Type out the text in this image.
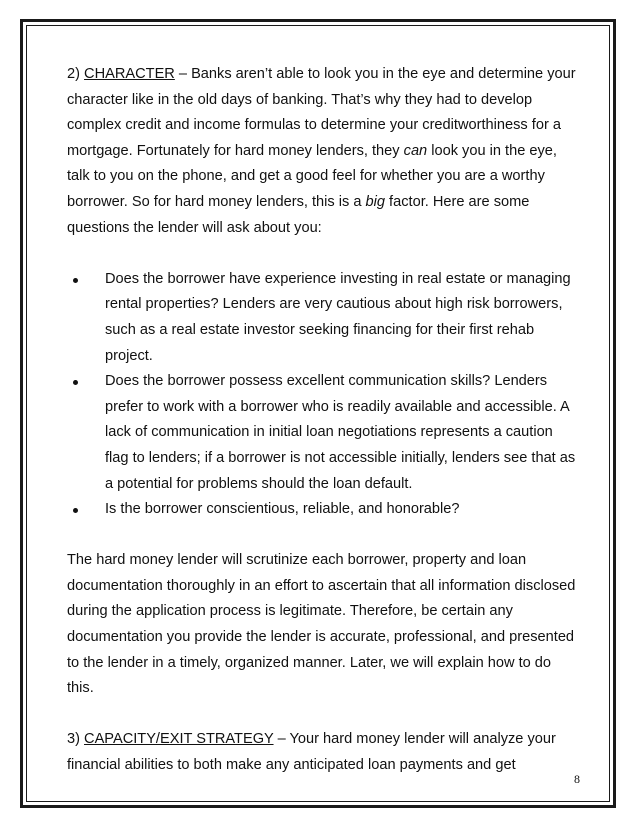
2) CHARACTER – Banks aren’t able to look you in the eye and determine your character like in the old days of banking. That’s why they had to develop complex credit and income formulas to determine your creditworthiness for a mortgage. Fortunately for hard money lenders, they can look you in the eye, talk to you on the phone, and get a good feel for whether you are a worthy borrower. So for hard money lenders, this is a big factor. Here are some questions the lender will ask about you:

Does the borrower have experience investing in real estate or managing rental properties? Lenders are very cautious about high risk borrowers, such as a real estate investor seeking financing for their first rehab project.
Does the borrower possess excellent communication skills? Lenders prefer to work with a borrower who is readily available and accessible. A lack of communication in initial loan negotiations represents a caution flag to lenders; if a borrower is not accessible initially, lenders see that as a potential for problems should the loan default.
Is the borrower conscientious, reliable, and honorable?

The hard money lender will scrutinize each borrower, property and loan documentation thoroughly in an effort to ascertain that all information disclosed during the application process is legitimate. Therefore, be certain any documentation you provide the lender is accurate, professional, and presented to the lender in a timely, organized manner. Later, we will explain how to do this.

3) CAPACITY/EXIT STRATEGY – Your hard money lender will analyze your financial abilities to both make any anticipated loan payments and get

8
